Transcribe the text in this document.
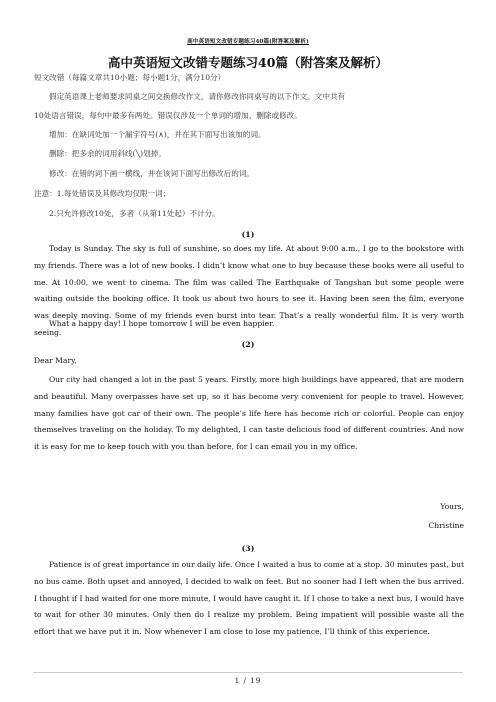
高中英语短文改错专题练习40篇(附答案及解析)
高中英语短文改错专题练习40篇（附答案及解析）
短文改错（每篇文章共10小题；每小题1分，满分10分）
假定英语课上老师要求同桌之间交换修改作文，请你修改你同桌写的以下作文。文中共有
10处语言错误，每句中最多有两处。错误仅涉及一个单词的增加、删除或修改。
增加：在缺词处加一个漏字符号(∧)，并在其下面写出该加的词。
删除：把多余的词用斜线(╲)划掉。
修改：在错的词下画一横线，并在该词下面写出修改后的词。
注意：1.每处错误及其修改均仅限一词；
2.只允许修改10处，多者（从第11处起）不计分。
(1)

Today is Sunday. The sky is full of sunshine, so does my life. At about 9:00 a.m., I go to the bookstore with my friends. There was a lot of new books. I didn’t know what one to buy because these books were all useful to me. At 10:00, we went to cinema. The film was called The Earthquake of Tangshan but some people were waiting outside the booking office. It took us about two hours to see it. Having been seen the film, everyone was deeply moving. Some of my friends even burst into tear. That’s a really wonderful film. It is very worth seeing.

What a happy day! I hope tomorrow I will be even happier.

(2)
Dear Mary,

Our city had changed a lot in the past 5 years. Firstly, more high buildings have appeared, that are modern and beautiful. Many overpasses have set up, so it has become very convenient for people to travel. However, many families have got car of their own. The people’s life here has become rich or colorful. People can enjoy themselves traveling on the holiday. To my delighted, I can taste delicious food of different countries. And now it is easy for me to keep touch with you than before, for I can email you in my office.

Yours,
Christine
(3)

Patience is of great importance in our daily life. Once I waited a bus to come at a stop. 30 minutes past, but no bus came. Both upset and annoyed, I decided to walk on feet. But no sooner had I left when the bus arrived. I thought if I had waited for one more minute, I would have caught it. If I chose to take a next bus, I would have to wait for other 30 minutes. Only then do I realize my problem. Being impatient will possible waste all the effort that we have put it in. Now whenever I am close to lose my patience, I’ll think of this experience.

1 / 19
